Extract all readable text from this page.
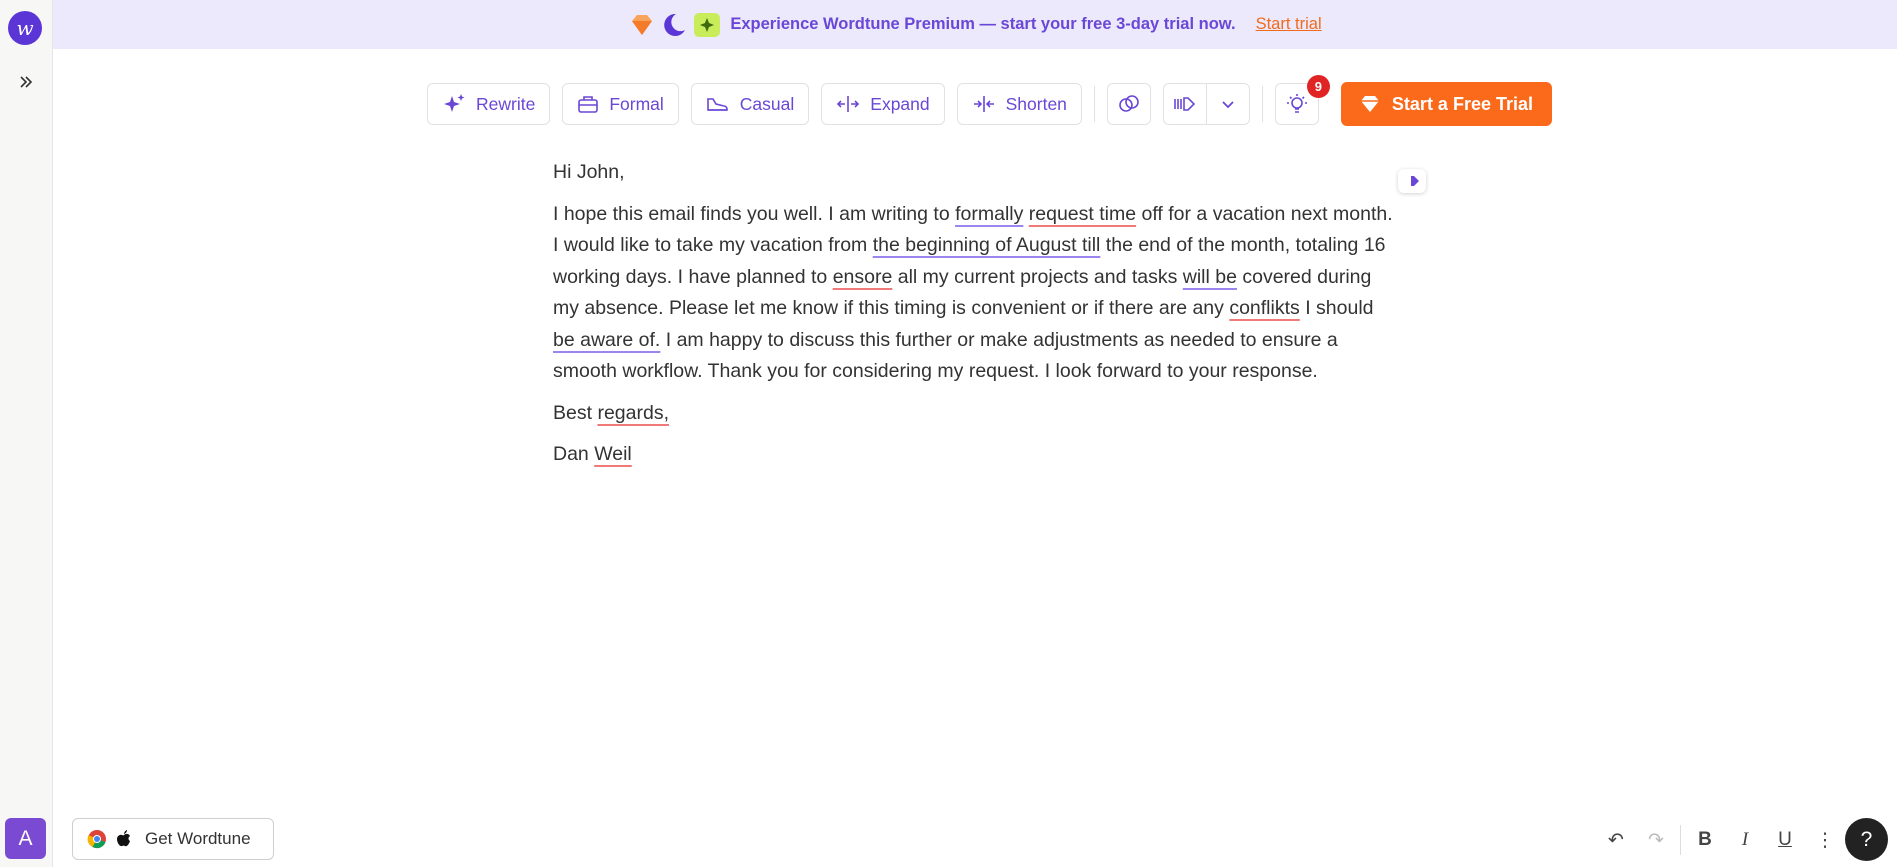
w
A
Experience Wordtune Premium — start your free 3-day trial now. Start trial
Rewrite	Formal	Casual	Expand	Shorten
9
Start a Free Trial

Hi John,

I hope this email finds you well. I am writing to formally request time off for a vacation next month. I would like to take my vacation from the beginning of August till the end of the month, totaling 16 working days. I have planned to ensore all my current projects and tasks will be covered during my absence. Please let me know if this timing is convenient or if there are any conflikts I should be aware of. I am happy to discuss this further or make adjustments as needed to ensure a smooth workflow. Thank you for considering my request. I look forward to your response.

Best regards,

Dan Weil

Get Wordtune	↶	↷	B	I	U	⋮	?
